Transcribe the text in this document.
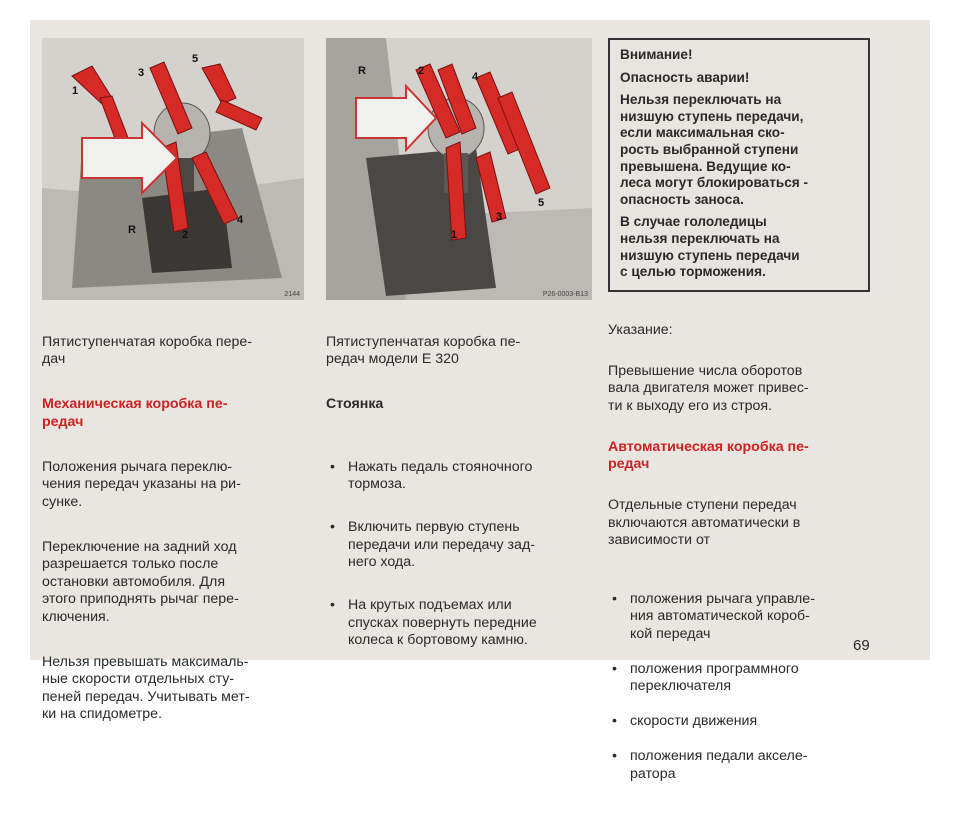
1
2
3
4
5
R
2144
1
2
3
4
5
R
P26-0003-B13

Внимание!

Опасность аварии!

Нельзя переключать на
низшую ступень передачи,
если максимальная ско-
рость выбранной ступени
превышена. Ведущие ко-
леса могут блокироваться -
опасность заноса.

В случае гололедицы
нельзя переключать на
низшую ступень передачи
с целью торможения.

Пятиступенчатая коробка пере-
дач

Механическая коробка пе-
редач

Положения рычага переклю-
чения передач указаны на ри-
сунке.

Переключение на задний ход
разрешается только после
остановки автомобиля. Для
этого приподнять рычаг пере-
ключения.

Нельзя превышать максималь-
ные скорости отдельных сту-
пеней передач. Учитывать мет-
ки на спидометре.

Пятиступенчатая коробка пе-
редач модели Е 320

Стоянка

• Нажать педаль стояночного
тормоза.

• Включить первую ступень
передачи или передачу зад-
него хода.

• На крутых подъемах или
спусках повернуть передние
колеса к бортовому камню.

Указание:

Превышение числа оборотов
вала двигателя может привес-
ти к выходу его из строя.

Автоматическая коробка пе-
редач

Отдельные ступени передач
включаются автоматически в
зависимости от

• положения рычага управле-
ния автоматической короб-
кой передач

• положения программного
переключателя

• скорости движения

• положения педали акселе-
ратора

69
